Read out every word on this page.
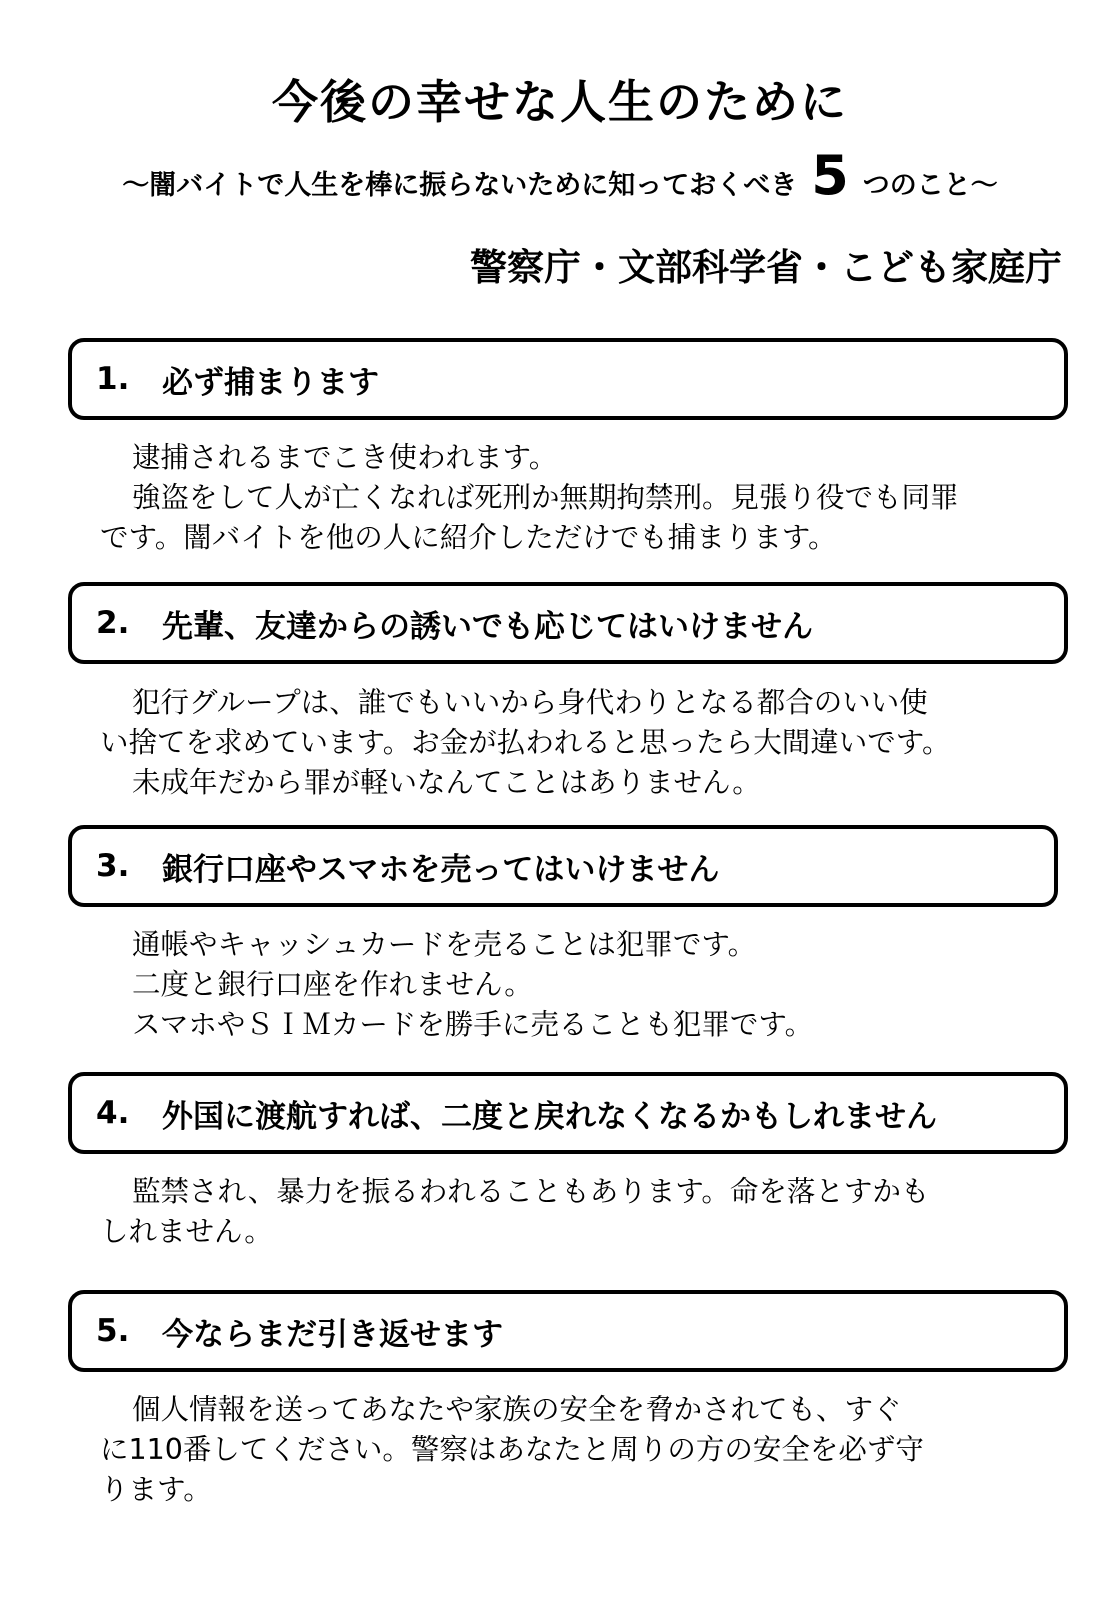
今後の幸せな人生のために
～闇バイトで人生を棒に振らないために知っておくべき 5 つのこと～
警察庁・文部科学省・こども家庭庁
1.	必ず捕まります
逮捕されるまでこき使われます。
強盗をして人が亡くなれば死刑か無期拘禁刑。見張り役でも同罪
です。闇バイトを他の人に紹介しただけでも捕まります。
2.	先輩、友達からの誘いでも応じてはいけません
犯行グループは、誰でもいいから身代わりとなる都合のいい使
い捨てを求めています。お金が払われると思ったら大間違いです。
未成年だから罪が軽いなんてことはありません。
3.	銀行口座やスマホを売ってはいけません
通帳やキャッシュカードを売ることは犯罪です。
二度と銀行口座を作れません。
スマホやＳＩＭカードを勝手に売ることも犯罪です。
4.	外国に渡航すれば、二度と戻れなくなるかもしれません
監禁され、暴力を振るわれることもあります。命を落とすかも
しれません。
5.	今ならまだ引き返せます
個人情報を送ってあなたや家族の安全を脅かされても、すぐ
に110番してください。警察はあなたと周りの方の安全を必ず守
ります。
